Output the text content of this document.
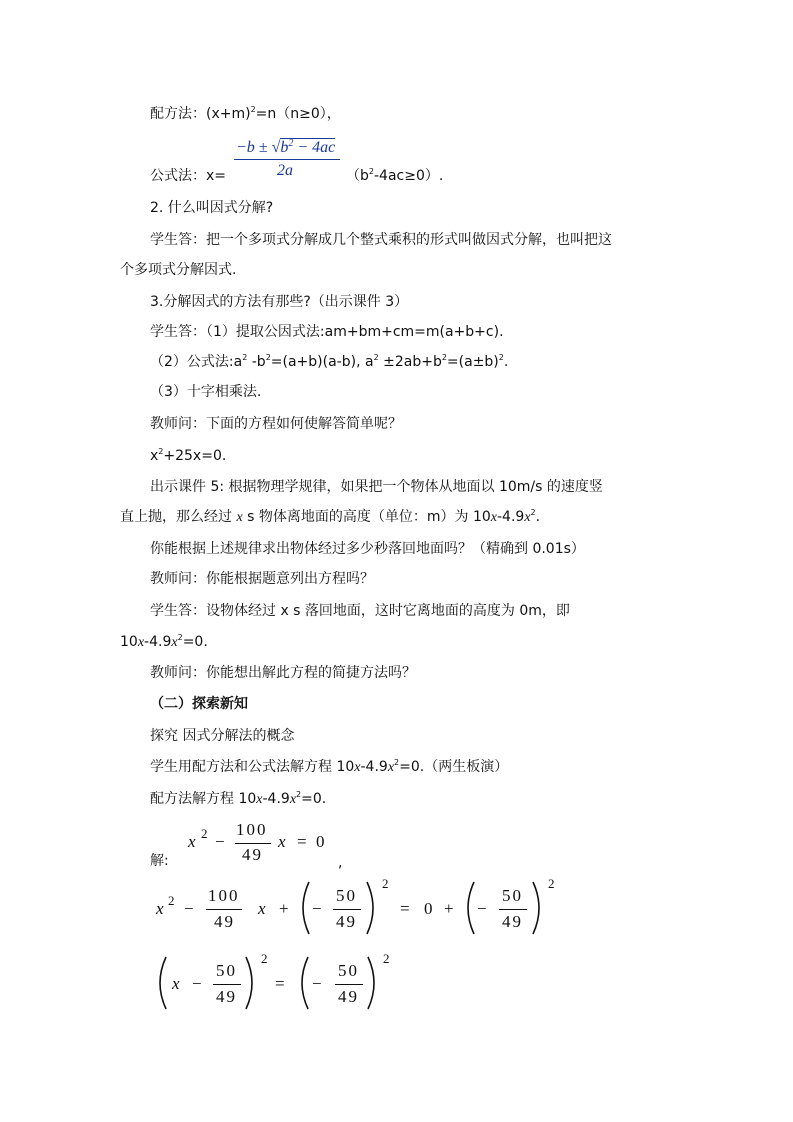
配方法：$(x+m)^2=n(n\ge 0)$，
公式法：x=
$-b \pm √b^2 - 4ac$
2a	$(b^2-4ac\ge 0)$.
2. 什么叫因式分解?
学生答：把一个多项式分解成几个整式乘积的形式叫做因式分解，也叫把这
个多项式分解因式.
3.分解因式的方法有那些?（出示课件 3）
学生答：（1）提取公因式法:am+bm+cm=m(a+b+c).
（2）公式法$:a^2$ $-b^2=(a+b)(a-b)$, $a^2 \pm 2ab+b^2=(a\pm b)^2$.
（3）十字相乘法.
教师问：下面的方程如何使解答简单呢？
$x^2+25x=0$.
出示课件 5: 根据物理学规律，如果把一个物体从地面以 10m/s 的速度竖
直上抛，那么经过 x s 物体离地面的高度（单位：m）为 $10x-4.9x^2$.
你能根据上述规律求出物体经过多少秒落回地面吗？（精确到 0.01s）
教师问：你能根据题意列出方程吗？
学生答：设物体经过 x s 落回地面，这时它离地面的高度为 0m，即
$10x-4.9x^2=0$.
教师问：你能想出解此方程的简捷方法吗？
（二）探索新知
探究 因式分解法的概念
学生用配方法和公式法解方程 $10x-4.9x^2=0$.（两生板演）
配方法解方程 $10x-4.9x^2=0$.
解:
x 2 −
100
49
x = 0
,
x 2 −
100
49
x + −
50
49
2
= 0 + −
50
49
2
x −
50
49
2
= −
50
49
2
